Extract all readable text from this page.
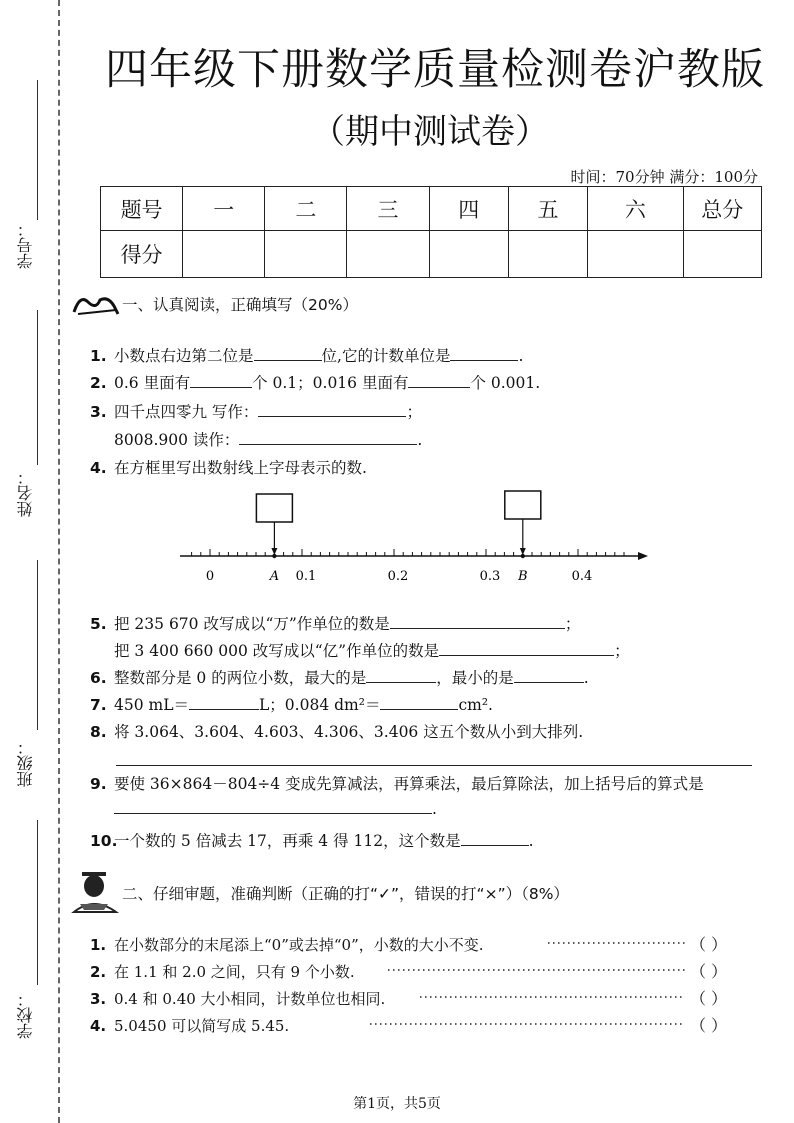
学号：
姓名：
班级：
学校：
四年级下册数学质量检测卷沪教版
（期中测试卷）
时间：70分钟 满分：100分
题号	一	二	三	四	五	六	总分
得分							
一、认真阅读，正确填写（20%）
1. 小数点右边第二位是	位,它的计数单位是	.
2. 0.6 里面有	个 0.1；0.016 里面有	个 0.001.
3. 四千点四零九 写作：	；
8008.900 读作：	.
4. 在方框里写出数射线上字母表示的数.
0	A 0.1	0.2	0.3 B	0.4
5. 把 235 670 改写成以“万”作单位的数是	；
把 3 400 660 000 改写成以“亿”作单位的数是	；
6. 整数部分是 0 的两位小数，最大的是	，最小的是	.
7. 450 mL＝	L；0.084 dm²＝	cm².
8. 将 3.064、3.604、4.603、4.306、3.406 这五个数从小到大排列.
9. 要使 36×864－804÷4 变成先算减法，再算乘法，最后算除法，加上括号后的算式是
.
10.一个数的 5 倍减去 17，再乘 4 得 112，这个数是	.
二、仔细审题，准确判断（正确的打“✓”，错误的打“×”）（8%）
1. 在小数部分的末尾添上“0”或去掉“0”，小数的大小不变.
2. 在 1.1 和 2.0 之间，只有 9 个小数.
3. 0.4 和 0.40 大小相同，计数单位也相同.
4. 5.0450 可以简写成 5.45.
（ ）
（ ）
（ ）
（ ）
第1页，共5页
